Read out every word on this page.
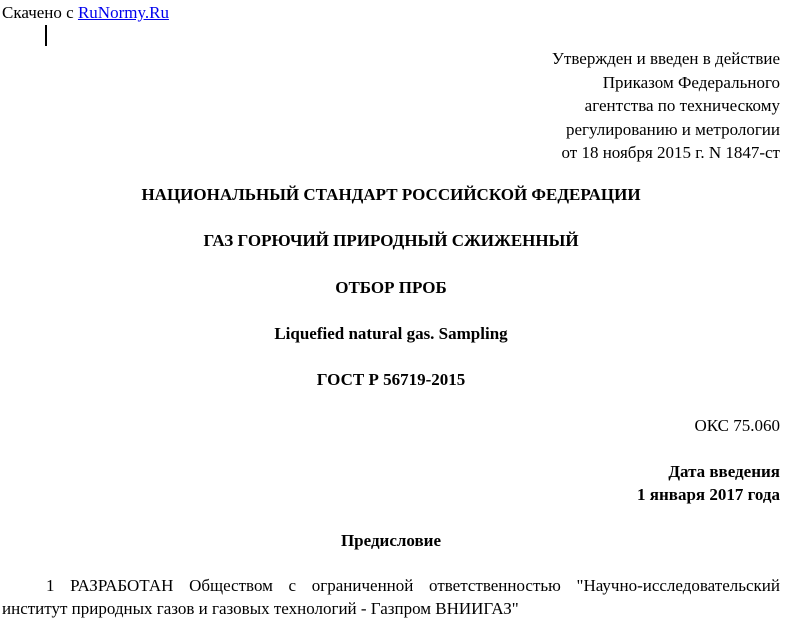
Скачено с RuNormy.Ru
Утвержден и введен в действие
Приказом Федерального
агентства по техническому
регулированию и метрологии
от 18 ноября 2015 г. N 1847-ст
НАЦИОНАЛЬНЫЙ СТАНДАРТ РОССИЙСКОЙ ФЕДЕРАЦИИ
ГАЗ ГОРЮЧИЙ ПРИРОДНЫЙ СЖИЖЕННЫЙ
ОТБОР ПРОБ
Liquefied natural gas. Sampling
ГОСТ Р 56719-2015
ОКС 75.060
Дата введения
1 января 2017 года
Предисловие
1 РАЗРАБОТАН Обществом с ограниченной ответственностью "Научно-исследовательский институт природных газов и газовых технологий - Газпром ВНИИГАЗ"
